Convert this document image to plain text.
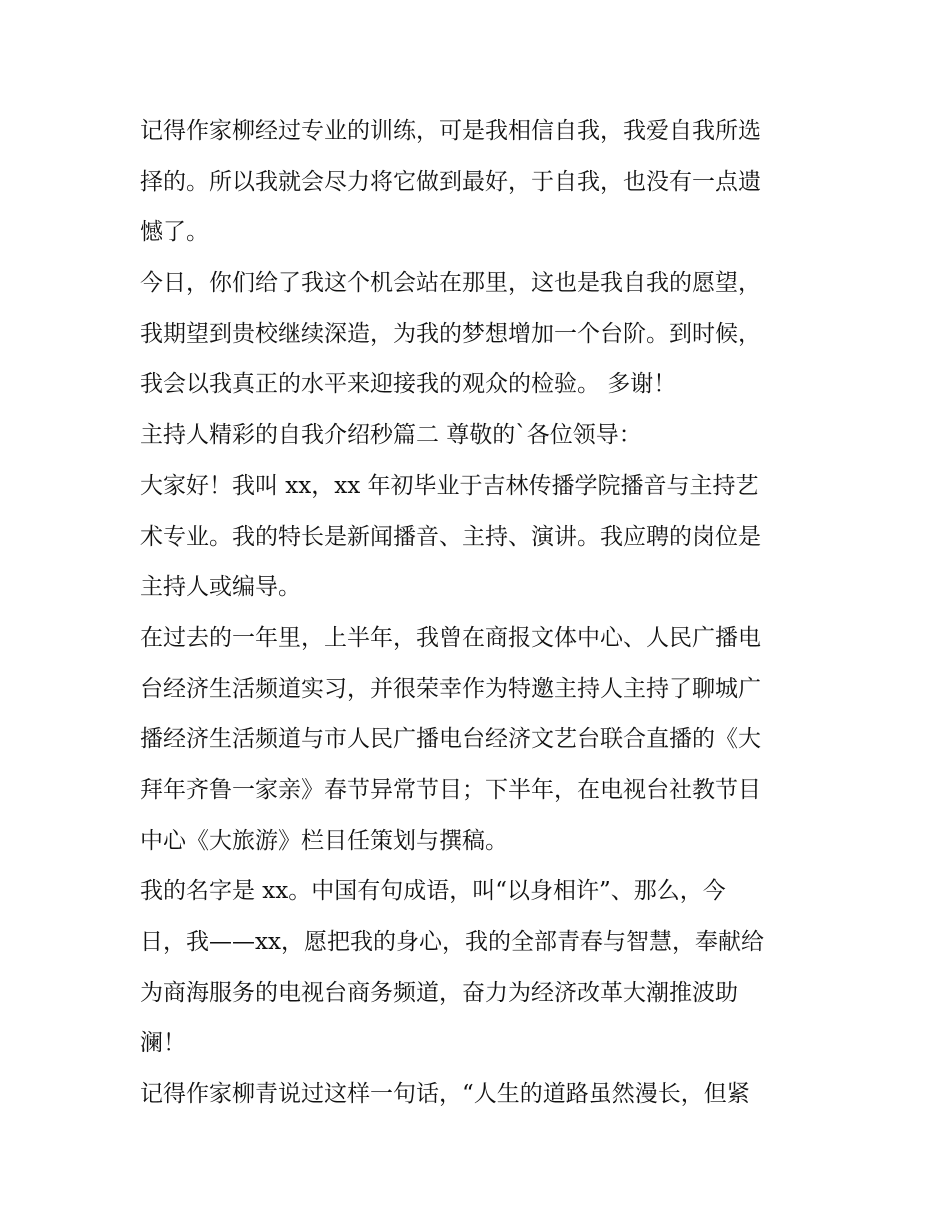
记得作家柳经过专业的训练，可是我相信自我，我爱自我所选
择的。所以我就会尽力将它做到最好，于自我，也没有一点遗
憾了。
今日，你们给了我这个机会站在那里，这也是我自我的愿望，
我期望到贵校继续深造，为我的梦想增加一个台阶。到时候，
我会以我真正的水平来迎接我的观众的检验。 多谢！
主持人精彩的自我介绍秒篇二 尊敬的`各位领导：
大家好！我叫 xx，xx 年初毕业于吉林传播学院播音与主持艺
术专业。我的特长是新闻播音、主持、演讲。我应聘的岗位是
主持人或编导。
在过去的一年里，上半年，我曾在商报文体中心、人民广播电
台经济生活频道实习，并很荣幸作为特邀主持人主持了聊城广
播经济生活频道与市人民广播电台经济文艺台联合直播的《大
拜年齐鲁一家亲》春节异常节目；下半年，在电视台社教节目
中心《大旅游》栏目任策划与撰稿。
我的名字是 xx。中国有句成语，叫“以身相许”、那么，今
日，我——xx，愿把我的身心，我的全部青春与智慧，奉献给
为商海服务的电视台商务频道，奋力为经济改革大潮推波助
澜！
记得作家柳青说过这样一句话，“人生的道路虽然漫长，但紧
